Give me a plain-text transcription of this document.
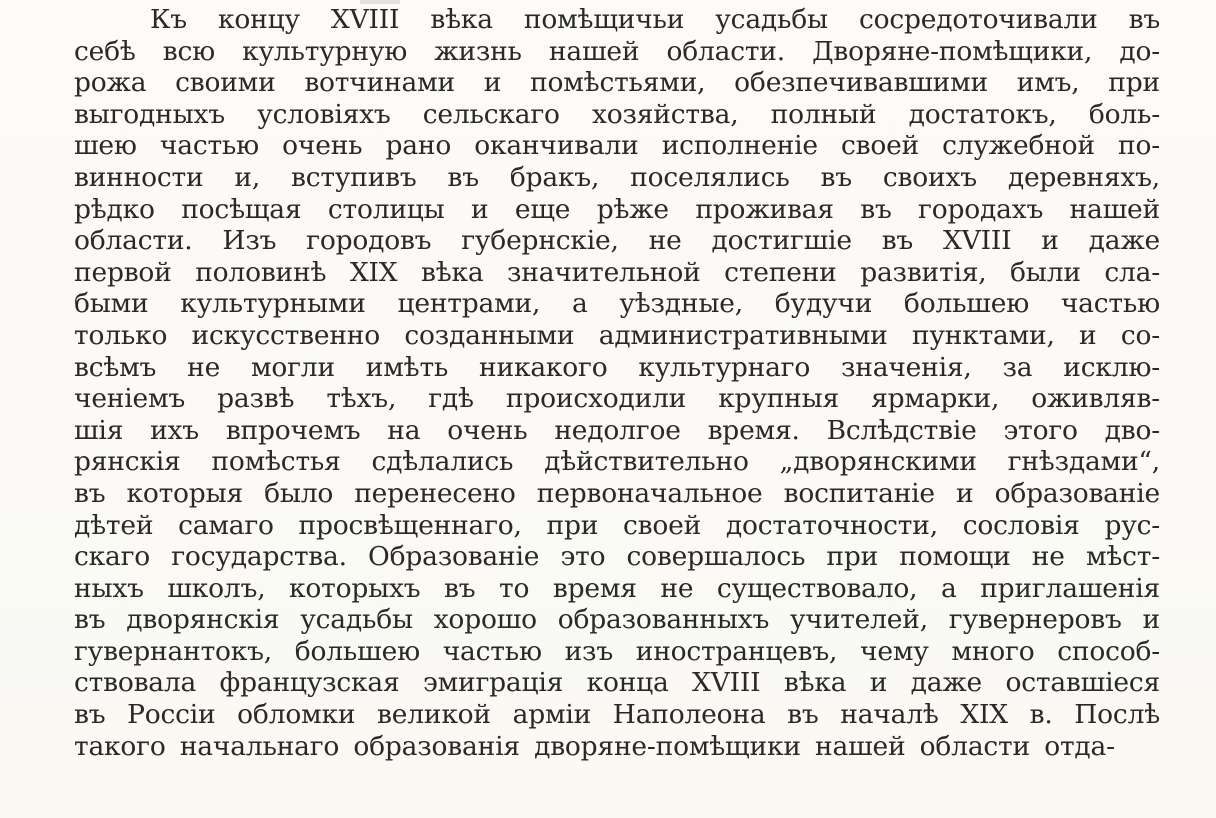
Къ концу XVIII вѣка помѣщичьи усадьбы сосредоточивали въ
себѣ всю культурную жизнь нашей области. Дворяне-помѣщики, до-
рожа своими вотчинами и помѣстьями, обезпечивавшими имъ, при
выгодныхъ условіяхъ сельскаго хозяйства, полный достатокъ, боль-
шею частью очень рано оканчивали исполненіе своей служебной по-
винности и, вступивъ въ бракъ, поселялись въ своихъ деревняхъ,
рѣдко посѣщая столицы и еще рѣже проживая въ городахъ нашей
области. Изъ городовъ губернскіе, не достигшіе въ XVIII и даже
первой половинѣ XIX вѣка значительной степени развитія, были сла-
быми культурными центрами, а уѣздные, будучи большею частью
только искусственно созданными административными пунктами, и со-
всѣмъ не могли имѣть никакого культурнаго значенія, за исклю-
ченіемъ развѣ тѣхъ, гдѣ происходили крупныя ярмарки, оживляв-
шія ихъ впрочемъ на очень недолгое время. Вслѣдствіе этого дво-
рянскія помѣстья сдѣлались дѣйствительно „дворянскими гнѣздами“,
въ которыя было перенесено первоначальное воспитаніе и образованіе
дѣтей самаго просвѣщеннаго, при своей достаточности, сословія рус-
скаго государства. Образованіе это совершалось при помощи не мѣст-
ныхъ школъ, которыхъ въ то время не существовало, а приглашенія
въ дворянскія усадьбы хорошо образованныхъ учителей, гувернеровъ и
гувернантокъ, большею частью изъ иностранцевъ, чему много способ-
ствовала французская эмиграція конца XVIII вѣка и даже оставшіеся
въ Россіи обломки великой арміи Наполеона въ началѣ XIX в. Послѣ
такого начальнаго образованія дворяне-помѣщики нашей области отда-
